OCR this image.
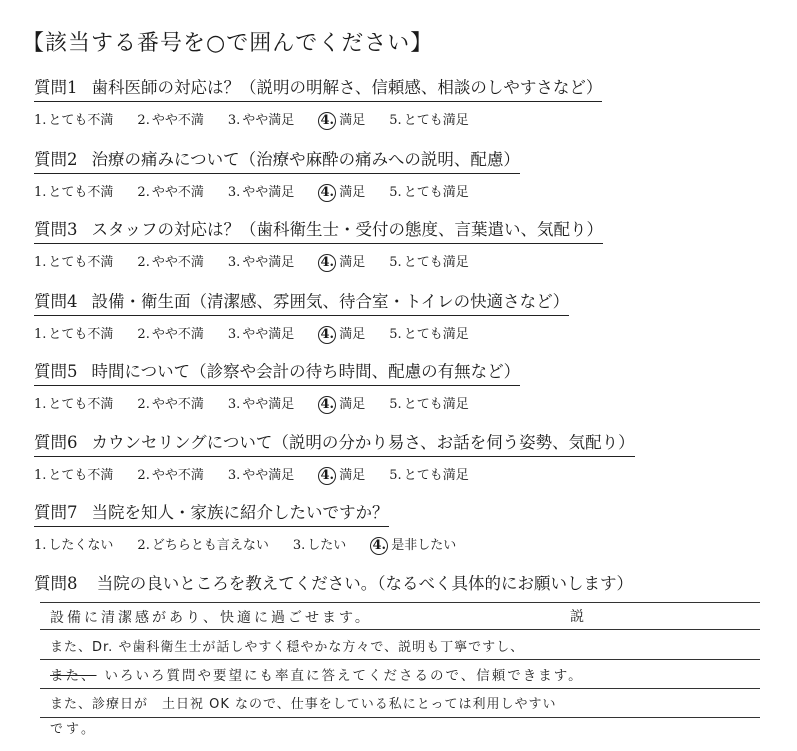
【該当する番号を○で囲んでください】
質問1 歯科医師の対応は？（説明の明解さ、信頼感、相談のしやすさなど）
1. とても不満 2. やや不満 3. やや満足 4. 満足 5. とても満足
質問2 治療の痛みについて（治療や麻酔の痛みへの説明、配慮）
1. とても不満 2. やや不満 3. やや満足 4. 満足 5. とても満足
質問3 スタッフの対応は？（歯科衛生士・受付の態度、言葉遣い、気配り）
1. とても不満 2. やや不満 3. やや満足 4. 満足 5. とても満足
質問4 設備・衛生面（清潔感、雰囲気、待合室・トイレの快適さなど）
1. とても不満 2. やや不満 3. やや満足 4. 満足 5. とても満足
質問5 時間について（診察や会計の待ち時間、配慮の有無など）
1. とても不満 2. やや不満 3. やや満足 4. 満足 5. とても満足
質問6 カウンセリングについて（説明の分かり易さ、お話を伺う姿勢、気配り）
1. とても不満 2. やや不満 3. やや満足 4. 満足 5. とても満足
質問7 当院を知人・家族に紹介したいですか？
1. したくない 2. どちらとも言えない 3. したい 4. 是非したい
質問8 当院の良いところを教えてください。（なるべく具体的にお願いします）
設備に清潔感があり、快適に過ごせます。	説
また、Dr. や歯科衛生士が話しやすく穏やかな方々で、説明も丁寧ですし、
また、 いろいろ質問や要望にも率直に答えてくださるので、信頼できます。
また、診療日が　土日祝 OK なので、仕事をしている私にとっては利用しやすい
です。
